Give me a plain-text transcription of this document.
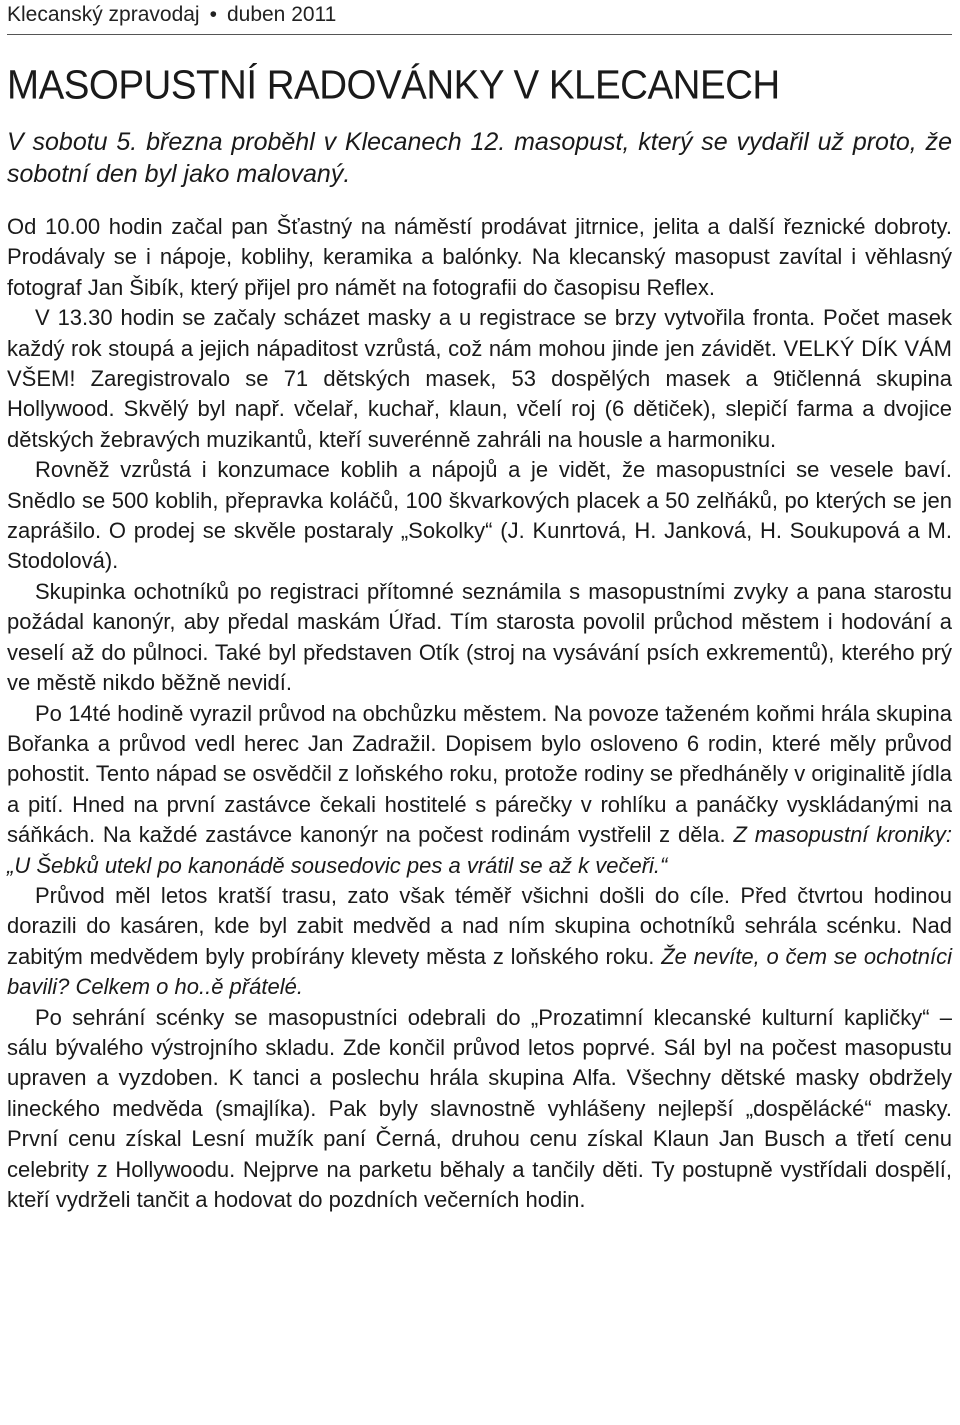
Klecanský zpravodaj • duben 2011
MASOPUSTNÍ RADOVÁNKY V KLECANECH

V sobotu 5. března proběhl v Klecanech 12. masopust, který se vydařil už proto, že sobotní den byl jako malovaný.

Od 10.00 hodin začal pan Šťastný na náměstí prodávat jitrnice, jelita a další řeznické dobroty. Prodávaly se i nápoje, koblihy, keramika a balónky. Na klecanský masopust zavítal i věhlasný fotograf Jan Šibík, který přijel pro námět na fotografii do časopisu Reflex.

V 13.30 hodin se začaly scházet masky a u registrace se brzy vytvořila fronta. Počet masek každý rok stoupá a jejich nápaditost vzrůstá, což nám mohou jinde jen závidět. VELKÝ DÍK VÁM VŠEM! Zaregistrovalo se 71 dětských masek, 53 dospělých masek a 9tičlenná skupina Hollywood. Skvělý byl např. včelař, kuchař, klaun, včelí roj (6 dětiček), slepičí farma a dvojice dětských žebravých muzikantů, kteří suverénně zahráli na housle a harmoniku.

Rovněž vzrůstá i konzumace koblih a nápojů a je vidět, že masopustníci se vesele baví. Snědlo se 500 koblih, přepravka koláčů, 100 škvarkových placek a 50 zelňáků, po kterých se jen zaprášilo. O prodej se skvěle postaraly „Sokolky“ (J. Kunrtová, H. Janková, H. Soukupová a M. Stodolová).

Skupinka ochotníků po registraci přítomné seznámila s masopustními zvyky a pana starostu požádal kanonýr, aby předal maskám Úřad. Tím starosta povolil průchod městem i hodování a veselí až do půlnoci. Také byl představen Otík (stroj na vysávání psích exkrementů), kterého prý ve městě nikdo běžně nevidí.

Po 14té hodině vyrazil průvod na obchůzku městem. Na povoze taženém koňmi hrála skupina Bořanka a průvod vedl herec Jan Zadražil. Dopisem bylo osloveno 6 rodin, které měly průvod pohostit. Tento nápad se osvědčil z loňského roku, protože rodiny se předháněly v originalitě jídla a pití. Hned na první zastávce čekali hostitelé s párečky v rohlíku a panáčky vyskládanými na sáňkách. Na každé zastávce kanonýr na počest rodinám vystřelil z děla. Z masopustní kroniky: „U Šebků utekl po kanonádě sousedovic pes a vrátil se až k večeři.“

Průvod měl letos kratší trasu, zato však téměř všichni došli do cíle. Před čtvrtou hodinou dorazili do kasáren, kde byl zabit medvěd a nad ním skupina ochotníků sehrála scénku. Nad zabitým medvědem byly probírány klevety města z loňského roku. Že nevíte, o čem se ochotníci bavili? Celkem o ho..ě přátelé.

Po sehrání scénky se masopustníci odebrali do „Prozatimní klecanské kulturní kapličky“ – sálu bývalého výstrojního skladu. Zde končil průvod letos poprvé. Sál byl na počest masopustu upraven a vyzdoben. K tanci a poslechu hrála skupina Alfa. Všechny dětské masky obdržely lineckého medvěda (smajlíka). Pak byly slavnostně vyhlášeny nejlepší „dospělácké“ masky. První cenu získal Lesní mužík paní Černá, druhou cenu získal Klaun Jan Busch a třetí cenu celebrity z Hollywoodu. Nejprve na parketu běhaly a tančily děti. Ty postupně vystřídali dospělí, kteří vydrželi tančit a hodovat do pozdních večerních hodin.
